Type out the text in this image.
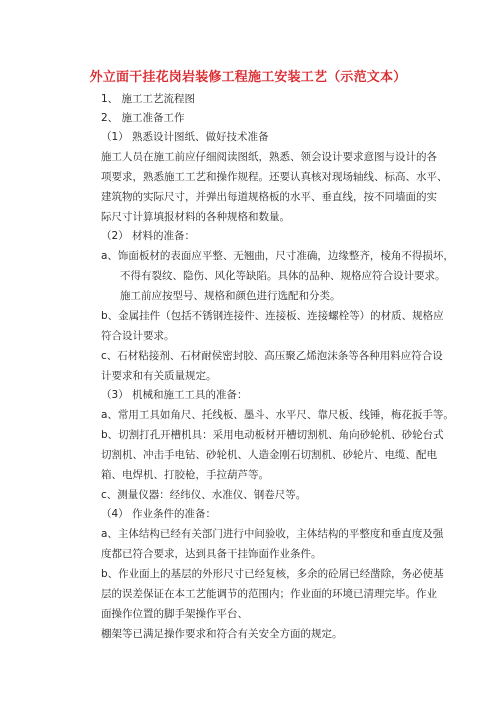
外立面干挂花岗岩装修工程施工安装工艺（示范文本）
1、 施工工艺流程图
2、 施工准备工作
（1） 熟悉设计图纸、做好技术准备
施工人员在施工前应仔细阅读图纸，熟悉、领会设计要求意图与设计的各
项要求，熟悉施工工艺和操作规程。还要认真核对现场轴线、标高、水平、
建筑物的实际尺寸，并弹出每道规格板的水平、垂直线，按不同墙面的实
际尺寸计算填报材料的各种规格和数量。
（2） 材料的准备：
a、饰面板材的表面应平整、无翘曲，尺寸准确，边缘整齐，棱角不得损坏，
不得有裂纹、隐伤、风化等缺陷。具体的品种、规格应符合设计要求。
施工前应按型号、规格和颜色进行选配和分类。
b、金属挂件（包括不锈钢连接件、连接板、连接螺栓等）的材质、规格应
符合设计要求。
c、石材粘接剂、石材耐侯密封胶、高压聚乙烯泡沫条等各种用料应符合设
计要求和有关质量规定。
（3） 机械和施工工具的准备：
a、常用工具如角尺、托线板、墨斗、水平尺、靠尺板、线锤，梅花扳手等。
b、切割打孔开槽机具：采用电动板材开槽切割机、角向砂轮机、砂轮台式
切割机、冲击手电钻、砂轮机、人造金刚石切割机、砂轮片、电缆、配电
箱、电焊机、打胶枪，手拉葫芦等。
c、测量仪器：经纬仪、水准仪、钢卷尺等。
（4） 作业条件的准备：
a、主体结构已经有关部门进行中间验收，主体结构的平整度和垂直度及强
度都已符合要求，达到具备干挂饰面作业条件。
b、作业面上的基层的外形尺寸已经复核，多余的砼屑已经凿除，务必使基
层的误差保证在本工艺能调节的范围内；作业面的环境已清理完毕。作业
面操作位置的脚手架操作平台、
棚架等已满足操作要求和符合有关安全方面的规定。
